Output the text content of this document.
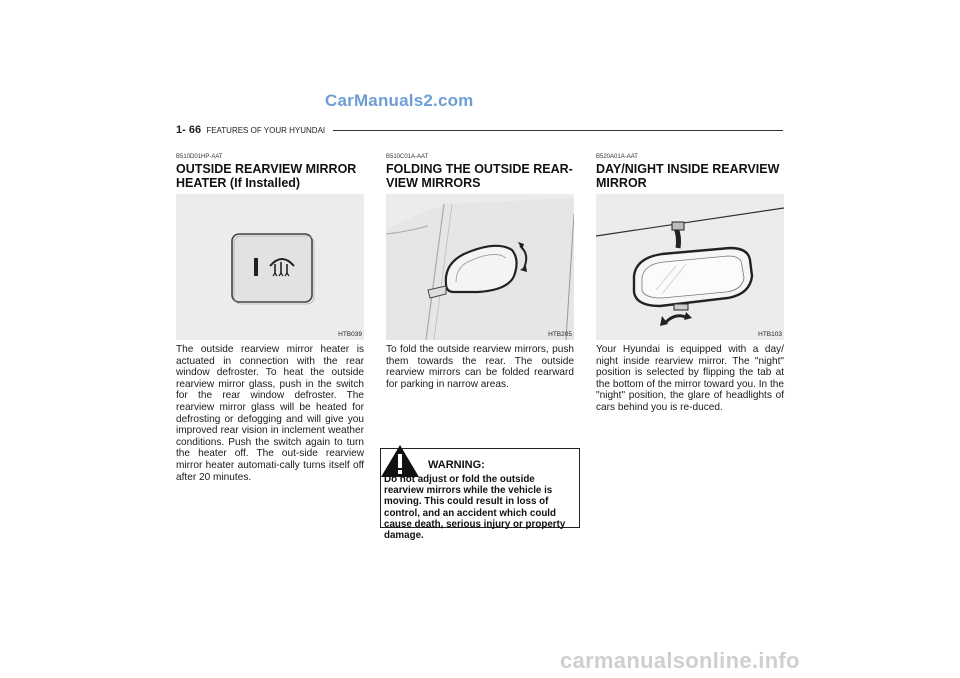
CarManuals2.com
1- 66 FEATURES OF YOUR HYUNDAI
B510D01HP-AAT
OUTSIDE REARVIEW MIRROR HEATER (If Installed)
HTB039
The outside rearview mirror heater is actuated in connection with the rear window defroster. To heat the outside rearview mirror glass, push in the switch for the rear window defroster. The rearview mirror glass will be heated for defrosting or defogging and will give you improved rear vision in inclement weather conditions. Push the switch again to turn the heater off. The out-side rearview mirror heater automati-cally turns itself off after 20 minutes.
B510C01A-AAT
FOLDING THE OUTSIDE REAR-VIEW MIRRORS
HTB205
To fold the outside rearview mirrors, push them towards the rear. The outside rearview mirrors can be folded rearward for parking in narrow areas.
B520A01A-AAT
DAY/NIGHT INSIDE REARVIEW MIRROR
HTB103
Your Hyundai is equipped with a day/ night inside rearview mirror. The "night" position is selected by flipping the tab at the bottom of the mirror toward you. In the "night" position, the glare of headlights of cars behind you is re-duced.
WARNING:
Do not adjust or fold the outside rearview mirrors while the vehicle is moving. This could result in loss of control, and an accident which could cause death, serious injury or property damage.
carmanualsonline.info
